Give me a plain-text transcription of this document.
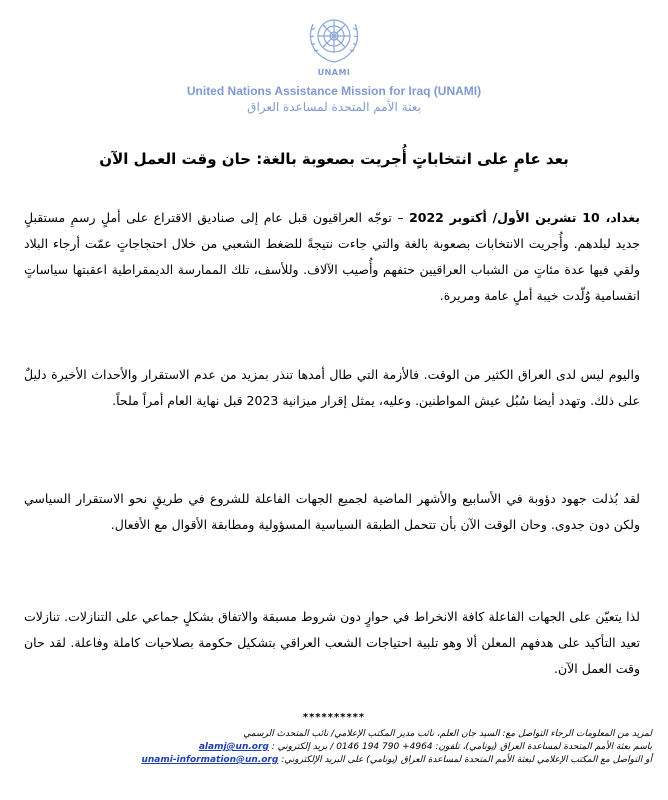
UNAMI
United Nations Assistance Mission for Iraq (UNAMI)
بعثة الأمم المتحدة لمساعدة العراق
بعد عامٍ على انتخاباتٍ أُجريت بصعوبة بالغة: حان وقت العمل الآن
بغداد، 10 تشرين الأول/ أكتوبر 2022 – توجّه العراقيون قبل عام إلى صناديق الاقتراع على أملٍ رسمِ مستقبلٍ جديد لبلدهم. وأُجريت الانتخابات بصعوبة بالغة والتي جاءت نتيجةً للضغط الشعبي من خلال احتجاجاتٍ عمّت أرجاء البلاد ولقي فيها عدة مئاتٍ من الشباب العراقيين حتفهم وأُصيب الآلاف. وللأسف، تلك الممارسة الديمقراطية اعقبتها سياساتٍ انقسامية وُلّدت خيبة أملٍ عامة ومريرة.
واليوم ليس لدى العراق الكثير من الوقت. فالأزمة التي طال أمدها تنذر بمزيد من عدم الاستقرار والأحداث الأخيرة دليلٌ على ذلك. وتهدد أيضا سُبُل عيش المواطنين. وعليه، يمثل إقرار ميزانية 2023 قبل نهاية العام أمراً ملحاً.
لقد بُذلت جهود دؤوبة في الأسابيع والأشهر الماضية لجميع الجهات الفاعلة للشروع في طريقٍ نحو الاستقرار السياسي ولكن دون جدوى. وحان الوقت الآن بأن تتحمل الطبقة السياسية المسؤولية ومطابقة الأقوال مع الأفعال.
لذا يتعيّن على الجهات الفاعلة كافة الانخراط في حوارٍ دون شروط مسبقة والاتفاق بشكلٍ جماعي على التنازلات. تنازلات تعيد التأكيد على هدفهم المعلن ألا وهو تلبية احتياجات الشعب العراقي بتشكيل حكومة بصلاحيات كاملة وفاعلة. لقد حان وقت العمل الآن.
**********
لمزيد من المعلومات الرجاء التواصل مع: السيد جان العلم، نائب مدير المكتب الإعلامي/ نائب المتحدث الرسمي
باسم بعثة الأمم المتحدة لمساعدة العراق (يونامي)، تلفون: 4964+ 790 194 0146 / بريد إلكتروني : alamj@un.org
أو التواصل مع المكتب الإعلامي لبعثة الأمم المتحدة لمساعدة العراق (يونامي) على البريد الإلكتروني: unami-information@un.org
